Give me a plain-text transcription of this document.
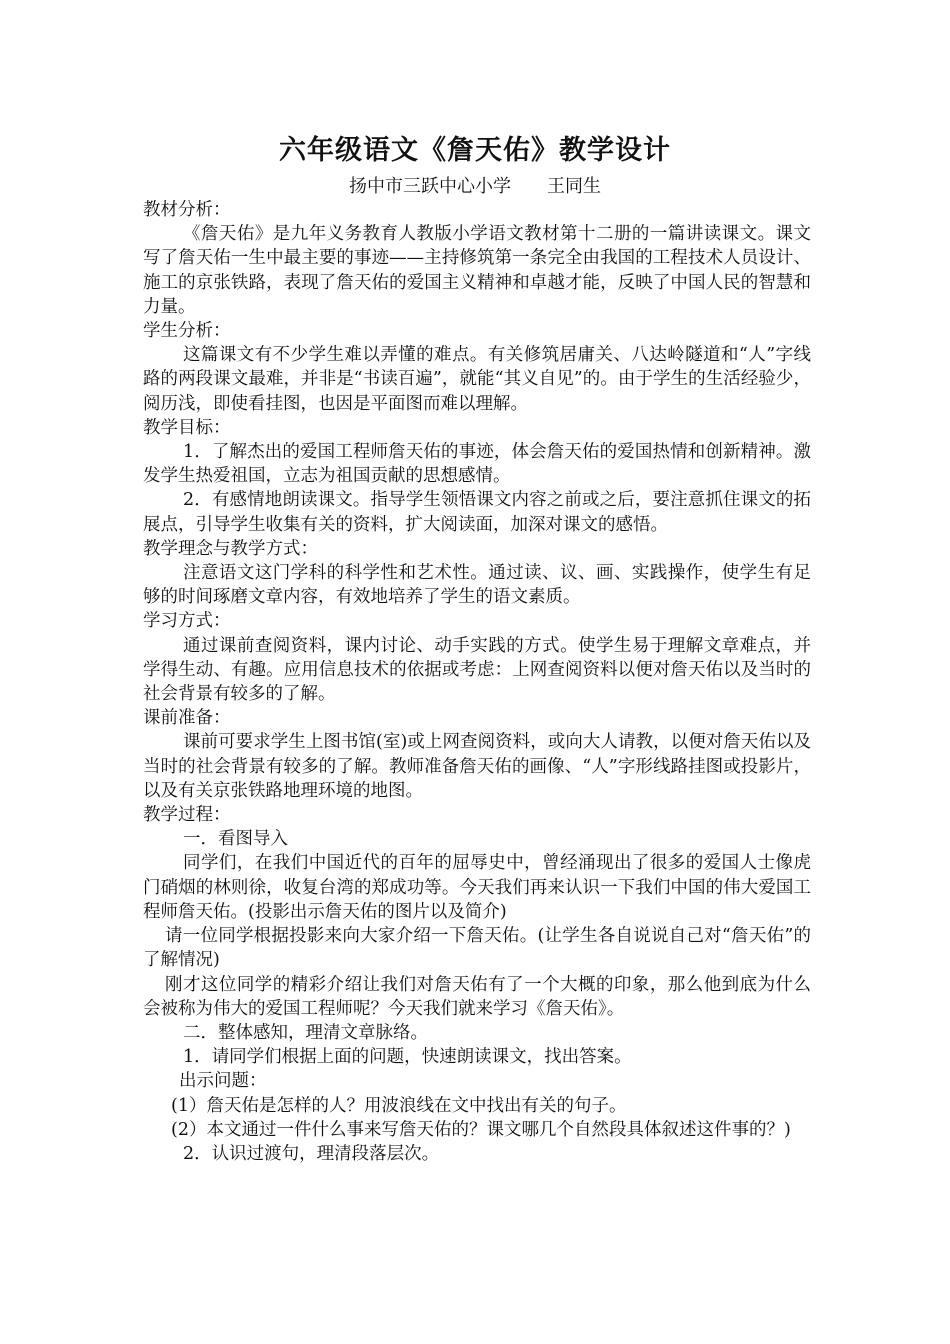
六年级语文《詹天佑》教学设计
扬中市三跃中心小学 王同生

教材分析：

《詹天佑》是九年义务教育人教版小学语文教材第十二册的一篇讲读课文。课文写了詹天佑一生中最主要的事迹——主持修筑第一条完全由我国的工程技术人员设计、施工的京张铁路，表现了詹天佑的爱国主义精神和卓越才能，反映了中国人民的智慧和力量。

学生分析：

这篇课文有不少学生难以弄懂的难点。有关修筑居庸关、八达岭隧道和“人”字线路的两段课文最难，并非是“书读百遍”，就能“其义自见”的。由于学生的生活经验少，阅历浅，即使看挂图，也因是平面图而难以理解。

教学目标：

1．了解杰出的爱国工程师詹天佑的事迹，体会詹天佑的爱国热情和创新精神。激发学生热爱祖国，立志为祖国贡献的思想感情。

2．有感情地朗读课文。指导学生领悟课文内容之前或之后，要注意抓住课文的拓展点，引导学生收集有关的资料，扩大阅读面，加深对课文的感悟。

教学理念与教学方式：

注意语文这门学科的科学性和艺术性。通过读、议、画、实践操作，使学生有足够的时间琢磨文章内容，有效地培养了学生的语文素质。

学习方式：

通过课前查阅资料，课内讨论、动手实践的方式。使学生易于理解文章难点，并学得生动、有趣。应用信息技术的依据或考虑：上网查阅资料以便对詹天佑以及当时的社会背景有较多的了解。

课前准备：

课前可要求学生上图书馆(室)或上网查阅资料，或向大人请教，以便对詹天佑以及当时的社会背景有较多的了解。教师准备詹天佑的画像、“人”字形线路挂图或投影片，以及有关京张铁路地理环境的地图。

教学过程：

一．看图导入

同学们，在我们中国近代的百年的屈辱史中，曾经涌现出了很多的爱国人士像虎门硝烟的林则徐，收复台湾的郑成功等。今天我们再来认识一下我们中国的伟大爱国工程师詹天佑。(投影出示詹天佑的图片以及简介)

请一位同学根据投影来向大家介绍一下詹天佑。(让学生各自说说自己对“詹天佑”的了解情况)

刚才这位同学的精彩介绍让我们对詹天佑有了一个大概的印象，那么他到底为什么会被称为伟大的爱国工程师呢？今天我们就来学习《詹天佑》。

二．整体感知，理清文章脉络。

1．请同学们根据上面的问题，快速朗读课文，找出答案。

出示问题：

(1）詹天佑是怎样的人？用波浪线在文中找出有关的句子。

(2）本文通过一件什么事来写詹天佑的？课文哪几个自然段具体叙述这件事的？)

2．认识过渡句，理清段落层次。
